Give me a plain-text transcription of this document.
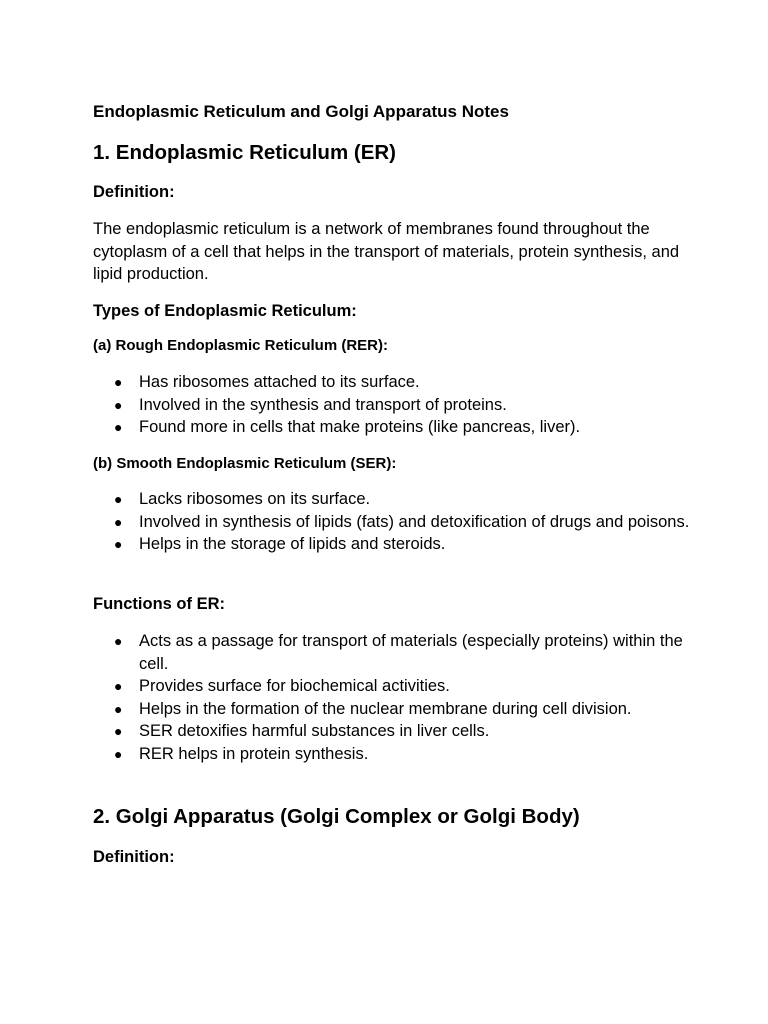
Endoplasmic Reticulum and Golgi Apparatus Notes
1. Endoplasmic Reticulum (ER)
Definition:
The endoplasmic reticulum is a network of membranes found throughout the cytoplasm of a cell that helps in the transport of materials, protein synthesis, and lipid production.
Types of Endoplasmic Reticulum:
(a) Rough Endoplasmic Reticulum (RER):
● Has ribosomes attached to its surface.
● Involved in the synthesis and transport of proteins.
● Found more in cells that make proteins (like pancreas, liver).
(b) Smooth Endoplasmic Reticulum (SER):
● Lacks ribosomes on its surface.
● Involved in synthesis of lipids (fats) and detoxification of drugs and poisons.
● Helps in the storage of lipids and steroids.
Functions of ER:
● Acts as a passage for transport of materials (especially proteins) within the cell.
● Provides surface for biochemical activities.
● Helps in the formation of the nuclear membrane during cell division.
● SER detoxifies harmful substances in liver cells.
● RER helps in protein synthesis.
2. Golgi Apparatus (Golgi Complex or Golgi Body)
Definition:
